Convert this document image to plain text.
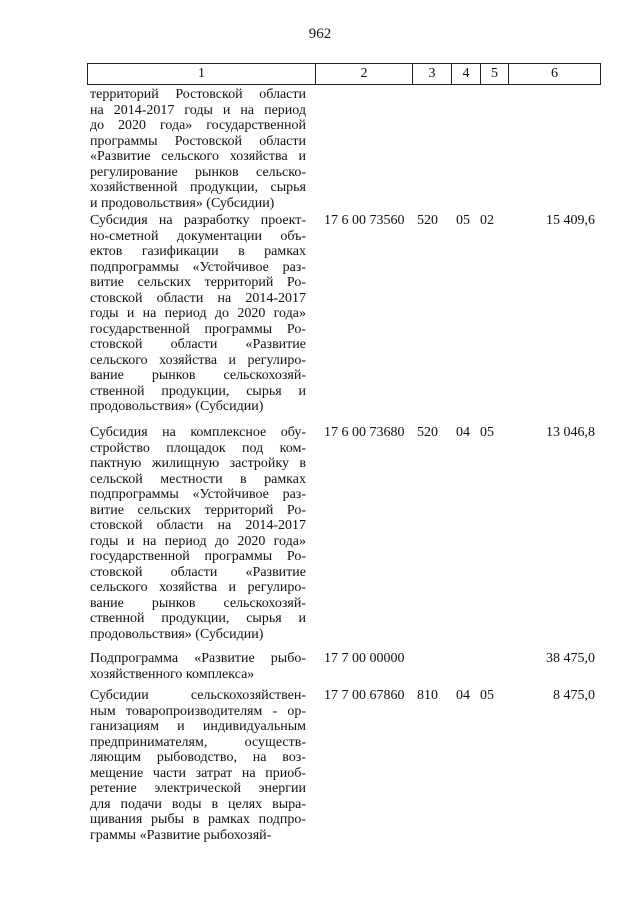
962
1	2	3	4	5	6
территорий Ростовской области
на 2014-2017 годы и на период
до 2020 года» государственной
программы Ростовской области
«Развитие сельского хозяйства и
регулирование рынков сельско-
хозяйственной продукции, сырья
и продовольствия» (Субсидии)
Субсидия на разработку проект-
но-сметной документации объ-
ектов газификации в рамках
подпрограммы «Устойчивое раз-
витие сельских территорий Ро-
стовской области на 2014-2017
годы и на период до 2020 года»
государственной программы Ро-
стовской области «Развитие
сельского хозяйства и регулиро-
вание рынков сельскохозяй-
ственной продукции, сырья и
продовольствия» (Субсидии)
17 6 00 73560 520 05 02	15 409,6
Субсидия на комплексное обу-
стройство площадок под ком-
пактную жилищную застройку в
сельской местности в рамках
подпрограммы «Устойчивое раз-
витие сельских территорий Ро-
стовской области на 2014-2017
годы и на период до 2020 года»
государственной программы Ро-
стовской области «Развитие
сельского хозяйства и регулиро-
вание рынков сельскохозяй-
ственной продукции, сырья и
продовольствия» (Субсидии)
17 6 00 73680 520 04 05	13 046,8
Подпрограмма «Развитие рыбо-
хозяйственного комплекса»
17 7 00 00000	38 475,0
Субсидии сельскохозяйствен-
ным товаропроизводителям - ор-
ганизациям и индивидуальным
предпринимателям, осуществ-
ляющим рыбоводство, на воз-
мещение части затрат на приоб-
ретение электрической энергии
для подачи воды в целях выра-
щивания рыбы в рамках подпро-
граммы «Развитие рыбохозяй-
17 7 00 67860 810 04 05	8 475,0
